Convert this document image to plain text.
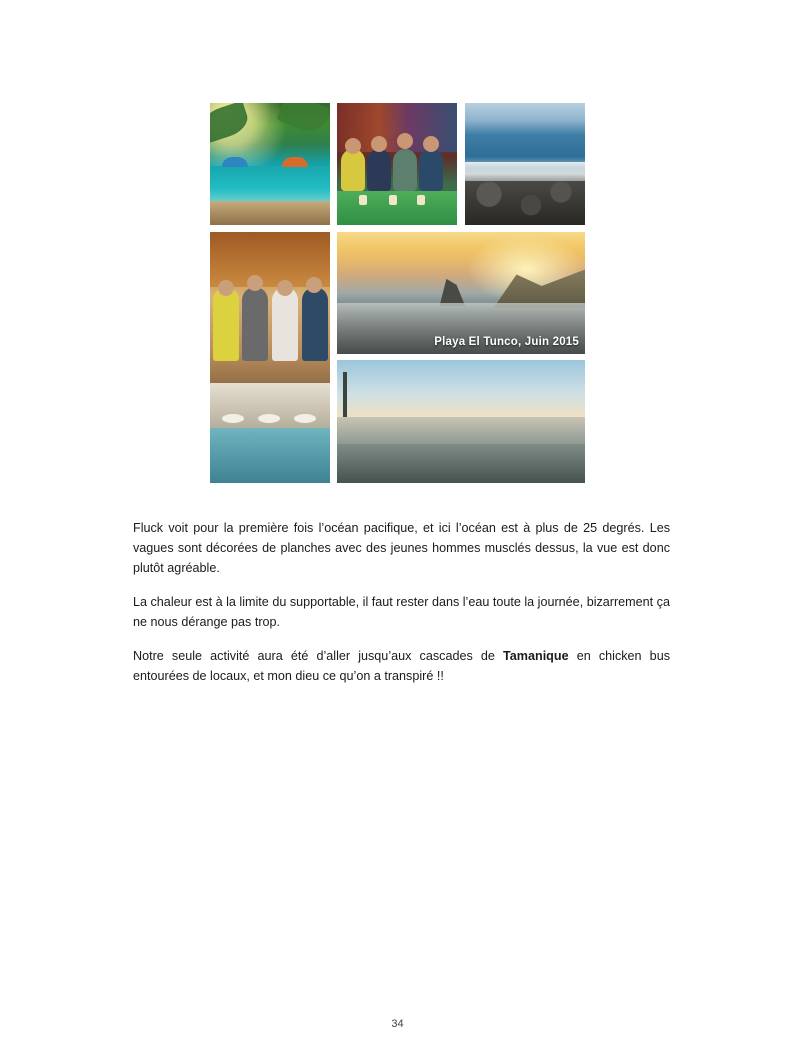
Playa El Tunco, Juin 2015

Fluck voit pour la première fois l’océan pacifique, et ici l’océan est à plus de 25 degrés. Les vagues sont décorées de planches avec des jeunes hommes musclés dessus, la vue est donc plutôt agréable.

La chaleur est à la limite du supportable, il faut rester dans l’eau toute la journée, bizarrement ça ne nous dérange pas trop.

Notre seule activité aura été d’aller jusqu’aux cascades de Tamanique en chicken bus entourées de locaux, et mon dieu ce qu’on a transpiré !!

34
